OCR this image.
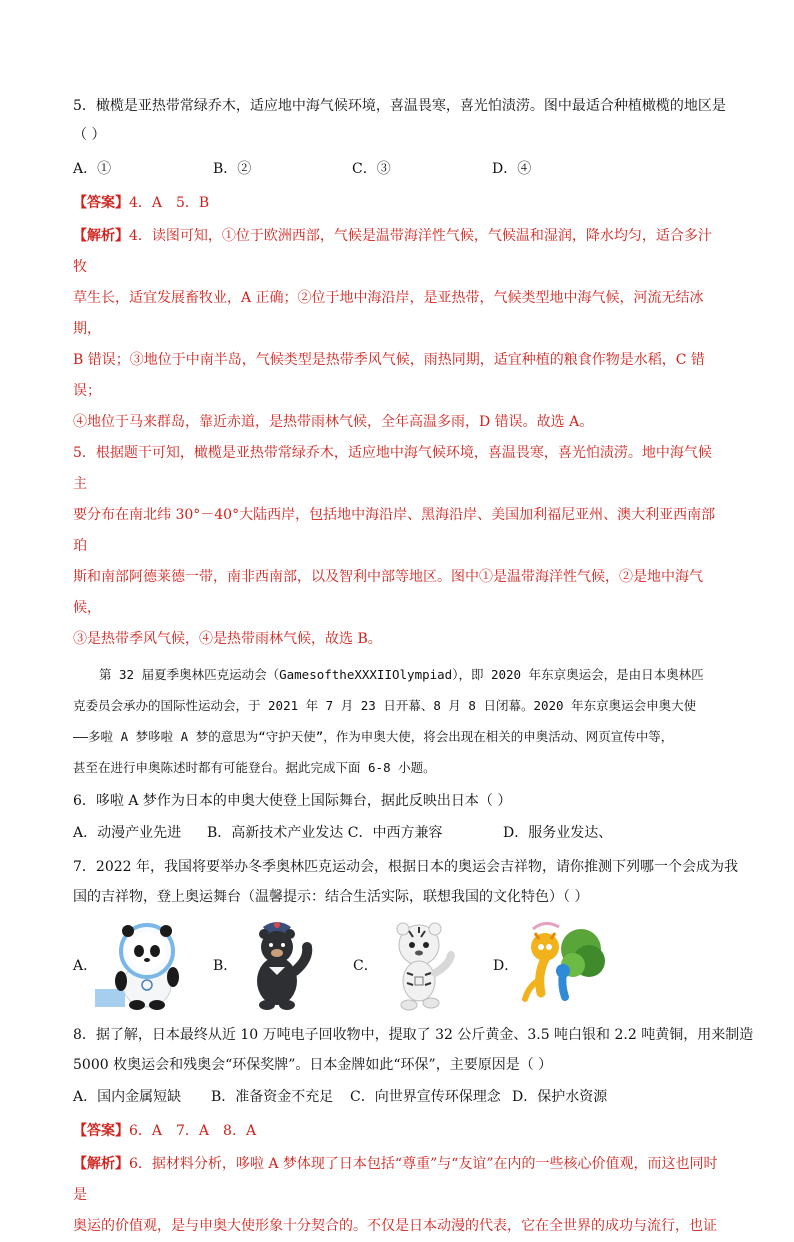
5．橄榄是亚热带常绿乔木，适应地中海气候环境，喜温畏寒，喜光怕渍涝。图中最适合种植橄榄的地区是
（ ）
A．①	B．②	C．③	D．④
【答案】4．A　5．B
【解析】4．读图可知，①位于欧洲西部，气候是温带海洋性气候，气候温和湿润，降水均匀，适合多汁牧
草生长，适宜发展畜牧业，A 正确；②位于地中海沿岸，是亚热带，气候类型地中海气候，河流无结冰期，
B 错误；③地位于中南半岛，气候类型是热带季风气候，雨热同期，适宜种植的粮食作物是水稻，C 错误；
④地位于马来群岛，靠近赤道，是热带雨林气候，全年高温多雨，D 错误。故选 A。
5．根据题干可知，橄榄是亚热带常绿乔木，适应地中海气候环境，喜温畏寒，喜光怕渍涝。地中海气候主
要分布在南北纬 30°－40°大陆西岸，包括地中海沿岸、黑海沿岸、美国加利福尼亚州、澳大利亚西南部珀
斯和南部阿德莱德一带，南非西南部，以及智利中部等地区。图中①是温带海洋性气候，②是地中海气候，
③是热带季风气候，④是热带雨林气候，故选 B。
第 32 届夏季奥林匹克运动会（GamesoftheXXXIIOlympiad），即 2020 年东京奥运会，是由日本奥林匹
克委员会承办的国际性运动会，于 2021 年 7 月 23 日开幕、8 月 8 日闭幕。2020 年东京奥运会申奥大使
——多啦 A 梦哆啦 A 梦的意思为“守护天使”，作为申奥大使，将会出现在相关的申奥活动、网页宣传中等，
甚至在进行申奥陈述时都有可能登台。据此完成下面 6-8 小题。
6．哆啦 A 梦作为日本的申奥大使登上国际舞台，据此反映出日本（ ）
A．动漫产业先进	B．高新技术产业发达 C．中西方兼容	D．服务业发达、
7．2022 年，我国将要举办冬季奥林匹克运动会，根据日本的奥运会吉祥物，请你推测下列哪一个会成为我
国的吉祥物，登上奥运舞台（温馨提示：结合生活实际，联想我国的文化特色）（ ）
A．	B．	C．	D．
8．据了解，日本最终从近 10 万吨电子回收物中，提取了 32 公斤黄金、3.5 吨白银和 2.2 吨黄铜，用来制造
5000 枚奥运会和残奥会“环保奖牌”。日本金牌如此“环保”，主要原因是（ ）
A．国内金属短缺	B．准备资金不充足	C．向世界宣传环保理念 D．保护水资源
【答案】6．A　7．A　8．A
【解析】6．据材料分析，哆啦 A 梦体现了日本包括“尊重”与“友谊”在内的一些核心价值观，而这也同时是
奥运的价值观，是与申奥大使形象十分契合的。不仅是日本动漫的代表，它在全世界的成功与流行，也证
